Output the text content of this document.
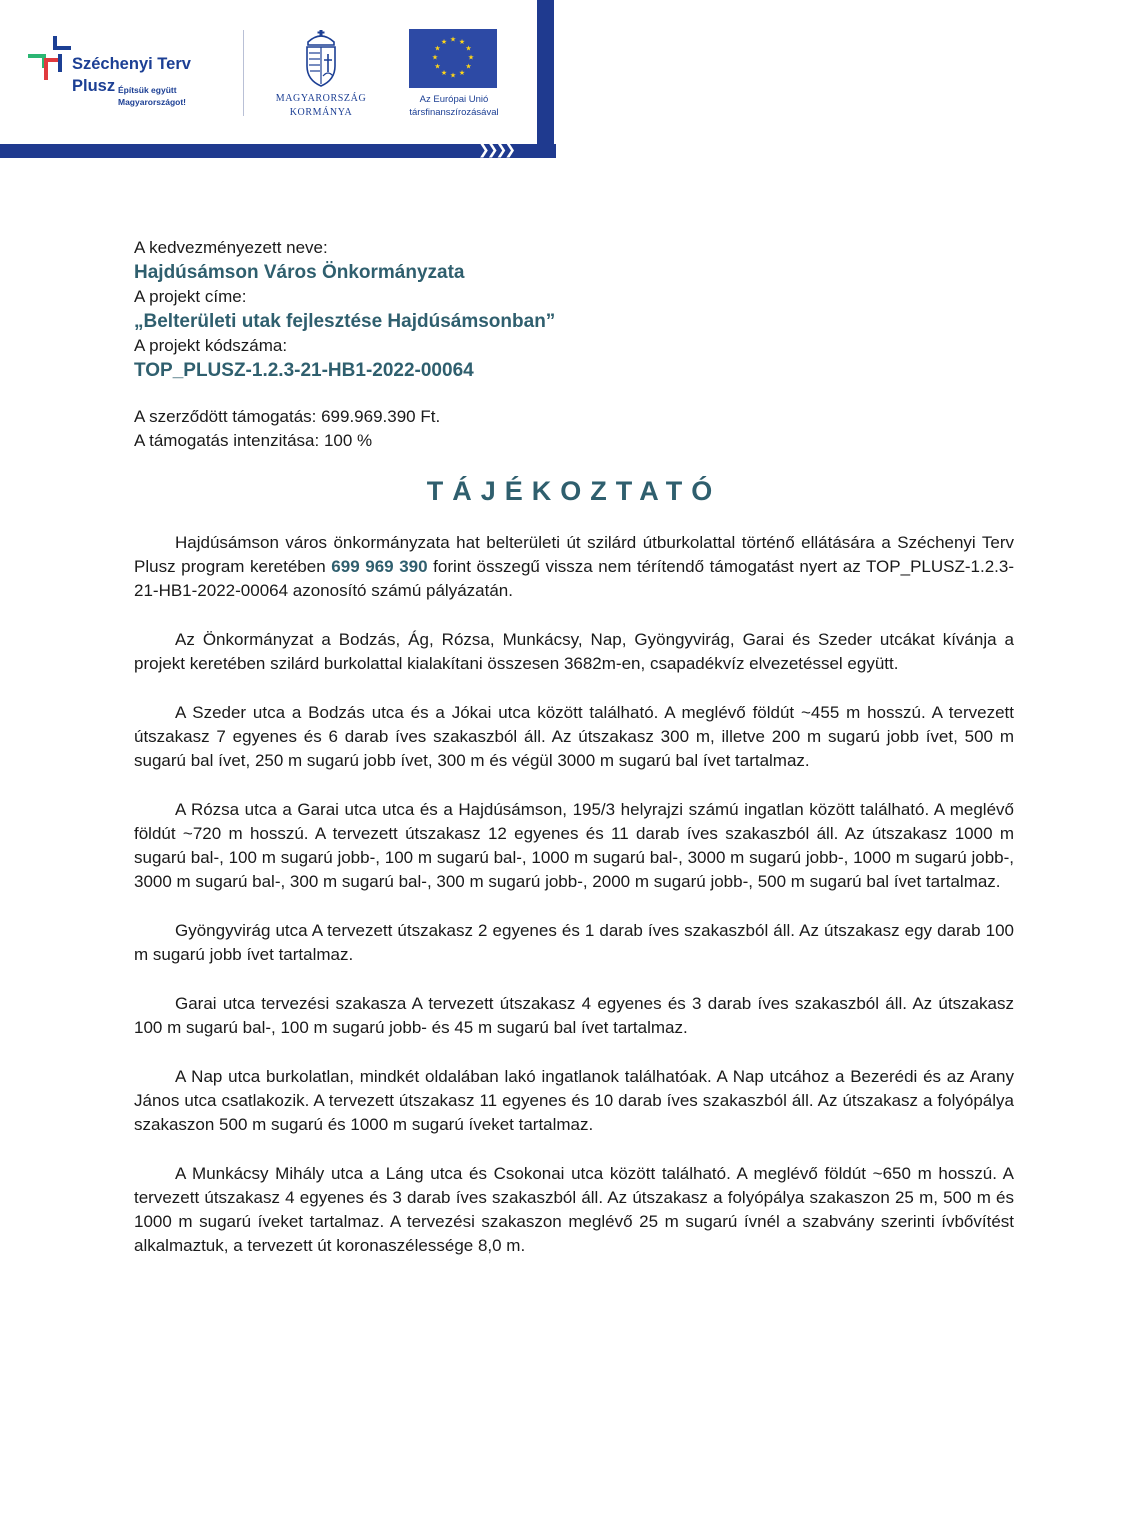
❯
❯
❯
❯❯❯❯
Széchenyi Terv
Plusz Építsük együtt
Magyarországot!	MAGYARORSZÁG
KORMÁNYA
★ ★
★
★
★
★
★
★
★
★
★
★
Az Európai Unió
társfinanszírozásával

A kedvezményezett neve:

Hajdúsámson Város Önkormányzata

A projekt címe:

„Belterületi utak fejlesztése Hajdúsámsonban”

A projekt kódszáma:

TOP_PLUSZ-1.2.3-21-HB1-2022-00064

A szerződött támogatás: 699.969.390 Ft.

A támogatás intenzitása: 100 %

TÁJÉKOZTATÓ

Hajdúsámson város önkormányzata hat belterületi út szilárd útburkolattal történő ellátására a Széchenyi Terv Plusz program keretében 699 969 390 forint összegű vissza nem térítendő támogatást nyert az TOP_PLUSZ-1.2.3-21-HB1-2022-00064 azonosító számú pályázatán.

Az Önkormányzat a Bodzás, Ág, Rózsa, Munkácsy, Nap, Gyöngyvirág, Garai és Szeder utcákat kívánja a projekt keretében szilárd burkolattal kialakítani összesen 3682m-en, csapadékvíz elvezetéssel együtt.

A Szeder utca a Bodzás utca és a Jókai utca között található. A meglévő földút ~455 m hosszú. A tervezett útszakasz 7 egyenes és 6 darab íves szakaszból áll. Az útszakasz 300 m, illetve 200 m sugarú jobb ívet, 500 m sugarú bal ívet, 250 m sugarú jobb ívet, 300 m és végül 3000 m sugarú bal ívet tartalmaz.

A Rózsa utca a Garai utca utca és a Hajdúsámson, 195/3 helyrajzi számú ingatlan között található. A meglévő földút ~720 m hosszú. A tervezett útszakasz 12 egyenes és 11 darab íves szakaszból áll. Az útszakasz 1000 m sugarú bal-, 100 m sugarú jobb-, 100 m sugarú bal-, 1000 m sugarú bal-, 3000 m sugarú jobb-, 1000 m sugarú jobb-, 3000 m sugarú bal-, 300 m sugarú bal-, 300 m sugarú jobb-, 2000 m sugarú jobb-, 500 m sugarú bal ívet tartalmaz.

Gyöngyvirág utca A tervezett útszakasz 2 egyenes és 1 darab íves szakaszból áll. Az útszakasz egy darab 100 m sugarú jobb ívet tartalmaz.

Garai utca tervezési szakasza A tervezett útszakasz 4 egyenes és 3 darab íves szakaszból áll. Az útszakasz 100 m sugarú bal-, 100 m sugarú jobb- és 45 m sugarú bal ívet tartalmaz.

A Nap utca burkolatlan, mindkét oldalában lakó ingatlanok találhatóak. A Nap utcához a Bezerédi és az Arany János utca csatlakozik. A tervezett útszakasz 11 egyenes és 10 darab íves szakaszból áll. Az útszakasz a folyópálya szakaszon 500 m sugarú és 1000 m sugarú íveket tartalmaz.

A Munkácsy Mihály utca a Láng utca és Csokonai utca között található. A meglévő földút ~650 m hosszú. A tervezett útszakasz 4 egyenes és 3 darab íves szakaszból áll. Az útszakasz a folyópálya szakaszon 25 m, 500 m és 1000 m sugarú íveket tartalmaz. A tervezési szakaszon meglévő 25 m sugarú ívnél a szabvány szerinti ívbővítést alkalmaztuk, a tervezett út koronaszélessége 8,0 m.
